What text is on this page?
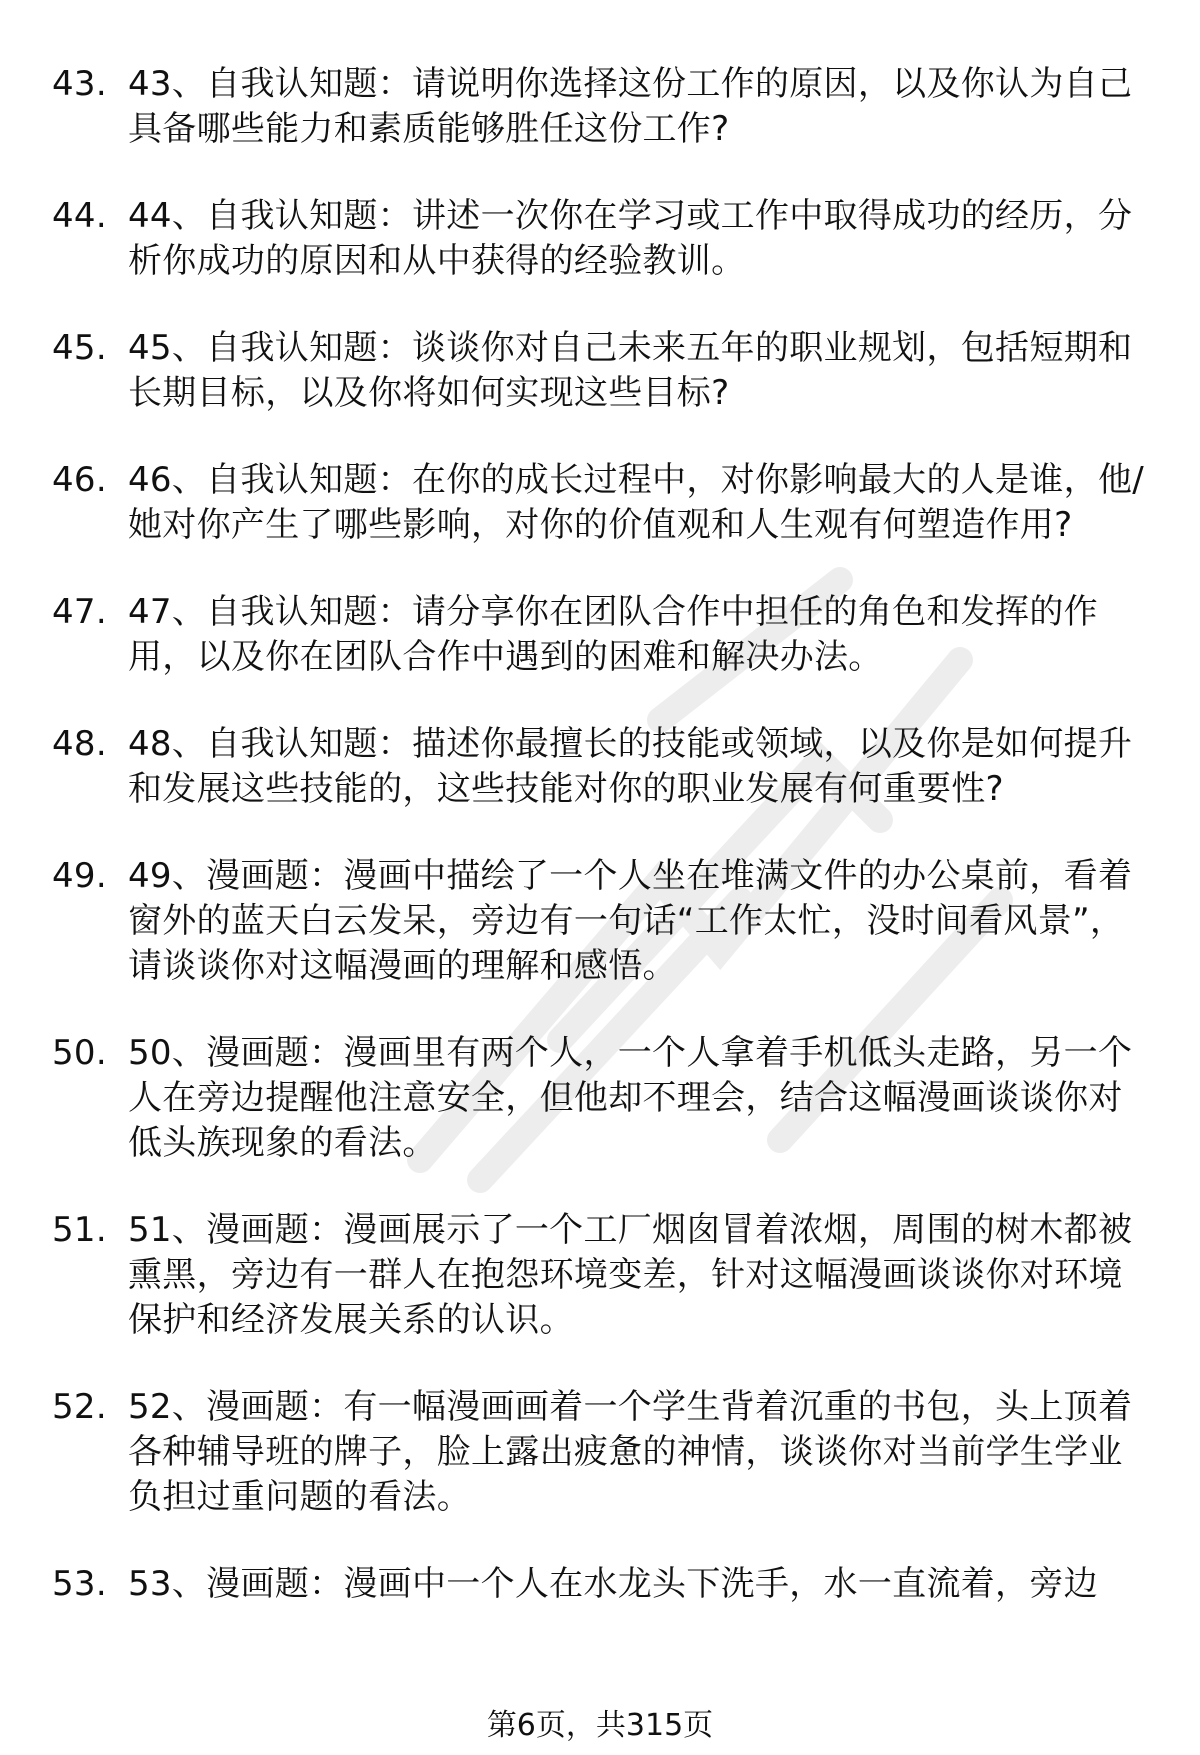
43. 43、自我认知题：请说明你选择这份工作的原因，以及你认为自己具备哪些能力和素质能够胜任这份工作?
44. 44、自我认知题：讲述一次你在学习或工作中取得成功的经历，分析你成功的原因和从中获得的经验教训。
45. 45、自我认知题：谈谈你对自己未来五年的职业规划，包括短期和长期目标，以及你将如何实现这些目标?
46. 46、自我认知题：在你的成长过程中，对你影响最大的人是谁，他/她对你产生了哪些影响，对你的价值观和人生观有何塑造作用?
47. 47、自我认知题：请分享你在团队合作中担任的角色和发挥的作用，以及你在团队合作中遇到的困难和解决办法。
48. 48、自我认知题：描述你最擅长的技能或领域，以及你是如何提升和发展这些技能的，这些技能对你的职业发展有何重要性?
49. 49、漫画题：漫画中描绘了一个人坐在堆满文件的办公桌前，看着窗外的蓝天白云发呆，旁边有一句话“工作太忙，没时间看风景”，请谈谈你对这幅漫画的理解和感悟。
50. 50、漫画题：漫画里有两个人，一个人拿着手机低头走路，另一个人在旁边提醒他注意安全，但他却不理会，结合这幅漫画谈谈你对低头族现象的看法。
51. 51、漫画题：漫画展示了一个工厂烟囱冒着浓烟，周围的树木都被熏黑，旁边有一群人在抱怨环境变差，针对这幅漫画谈谈你对环境保护和经济发展关系的认识。
52. 52、漫画题：有一幅漫画画着一个学生背着沉重的书包，头上顶着各种辅导班的牌子，脸上露出疲惫的神情，谈谈你对当前学生学业负担过重问题的看法。
53. 53、漫画题：漫画中一个人在水龙头下洗手，水一直流着，旁边
第6页，共315页
